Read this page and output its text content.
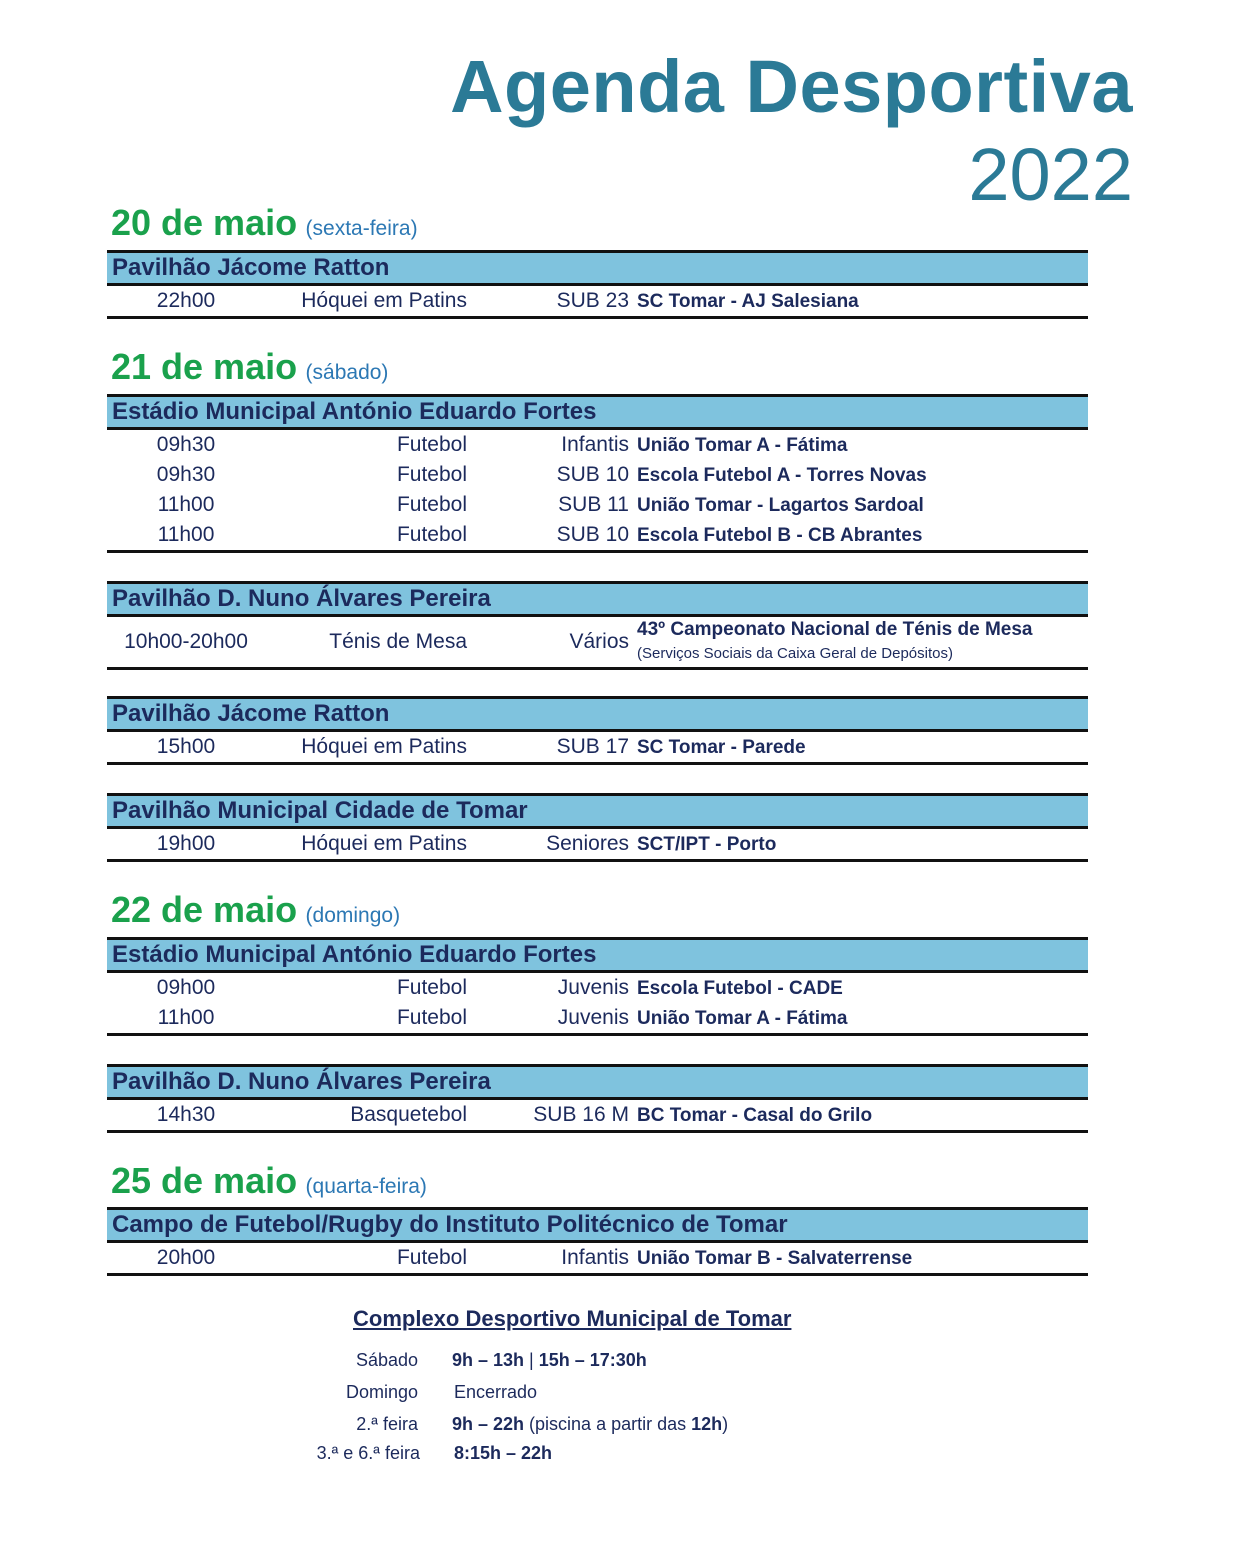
Agenda Desportiva
2022
20 de maio (sexta-feira)
Pavilhão Jácome Ratton
22h00	Hóquei em Patins	SUB 23 SC Tomar - AJ Salesiana
21 de maio (sábado)
Estádio Municipal António Eduardo Fortes
09h30	Futebol	Infantis União Tomar A - Fátima
09h30	Futebol	SUB 10 Escola Futebol A - Torres Novas
11h00	Futebol	SUB 11 União Tomar - Lagartos Sardoal
11h00	Futebol	SUB 10 Escola Futebol B - CB Abrantes
Pavilhão D. Nuno Álvares Pereira
10h00-20h00	Ténis de Mesa	Vários
43º Campeonato Nacional de Ténis de Mesa
(Serviços Sociais da Caixa Geral de Depósitos)
Pavilhão Jácome Ratton
15h00	Hóquei em Patins	SUB 17 SC Tomar - Parede
Pavilhão Municipal Cidade de Tomar
19h00	Hóquei em Patins	Seniores SCT/IPT - Porto
22 de maio (domingo)
Estádio Municipal António Eduardo Fortes
09h00	Futebol	Juvenis Escola Futebol - CADE
11h00	Futebol	Juvenis União Tomar A - Fátima
Pavilhão D. Nuno Álvares Pereira
14h30	Basquetebol	SUB 16 M BC Tomar - Casal do Grilo
25 de maio (quarta-feira)
Campo de Futebol/Rugby do Instituto Politécnico de Tomar
20h00	Futebol	Infantis União Tomar B - Salvaterrense
Complexo Desportivo Municipal de Tomar
Sábado 9h – 13h | 15h – 17:30h
Domingo Encerrado
2.ª feira 9h – 22h (piscina a partir das 12h)
3.ª e 6.ª feira 8:15h – 22h
